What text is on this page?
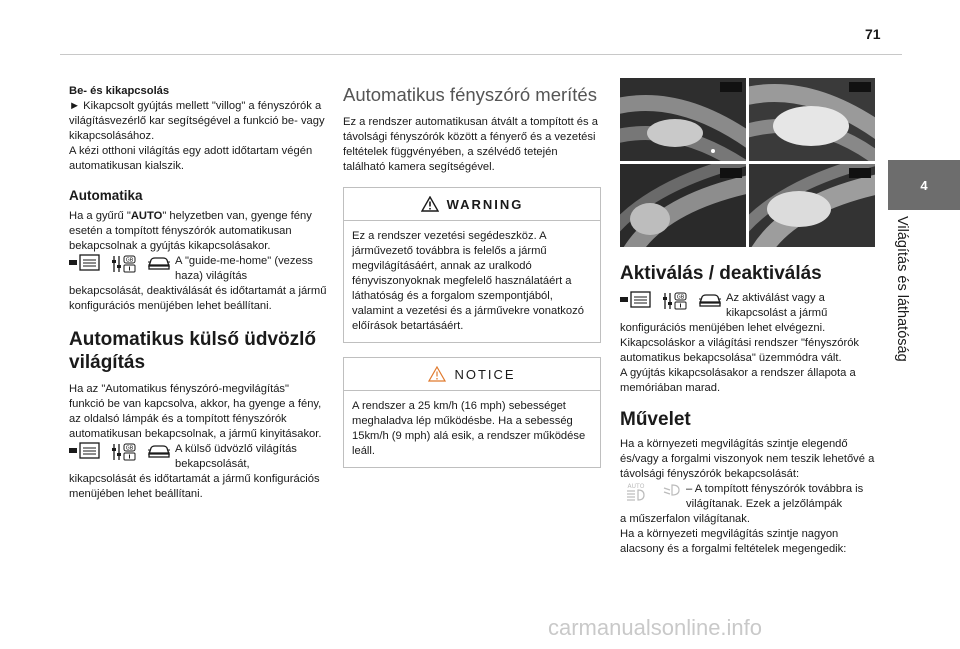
71
4
Világítás és láthatóság

Be- és kikapcsolás

► Kikapcsolt gyújtás mellett "villog" a fényszórók a világításvezérlő kar segítségével a funkció be- vagy kikapcsolásához.

A kézi otthoni világítás egy adott időtartam végén automatikusan kialszik.

Automatika

Ha a gyűrű "AUTO" helyzetben van, gyenge fény esetén a tompított fényszórók automatikusan bekapcsolnak a gyújtás kikapcsolásakor.

GB	A "guide-me-home" (vezess haza) világítás

bekapcsolását, deaktiválását és időtartamát a jármű konfigurációs menüjében lehet beállítani.

Automatikus külső üdvözlő világítás

Ha az "Automatikus fényszóró-megvilágítás" funkció be van kapcsolva, akkor, ha gyenge a fény, az oldalsó lámpák és a tompított fényszórók automatikusan bekapcsolnak, a jármű kinyitásakor.

GB	A külső üdvözlő világítás bekapcsolását,

kikapcsolását és időtartamát a jármű konfigurációs menüjében lehet beállítani.

Automatikus fényszóró merítés

Ez a rendszer automatikusan átvált a tompított és a távolsági fényszórók között a fényerő és a vezetési feltételek függvényében, a szélvédő tetején található kamera segítségével.

WARNING
Ez a rendszer vezetési segédeszköz. A járművezető továbbra is felelős a jármű megvilágításáért, annak az uralkodó fényviszonyoknak megfelelő használatáért a láthatóság és a forgalom szempontjából, valamint a vezetési és a járművekre vonatkozó előírások betartásáért.
NOTICE
A rendszer a 25 km/h (16 mph) sebességet meghaladva lép működésbe. Ha a sebesség 15km/h (9 mph) alá esik, a rendszer működése leáll.
Aktiválás / deaktiválás
GB	Az aktiválást vagy a kikapcsolást a jármű

konfigurációs menüjében lehet elvégezni. Kikapcsoláskor a világítási rendszer "fényszórók automatikus bekapcsolása" üzemmódra vált.

A gyújtás kikapcsolásakor a rendszer állapota a memóriában marad.

Művelet

Ha a környezeti megvilágítás szintje elegendő és/vagy a forgalmi viszonyok nem teszik lehetővé a távolsági fényszórók bekapcsolását:

AUTO	– A tompított fényszórók továbbra is világítanak. Ezek a jelzőlámpák

a műszerfalon világítanak.

Ha a környezeti megvilágítás szintje nagyon alacsony és a forgalmi feltételek megengedik:

carmanualsonline.info
